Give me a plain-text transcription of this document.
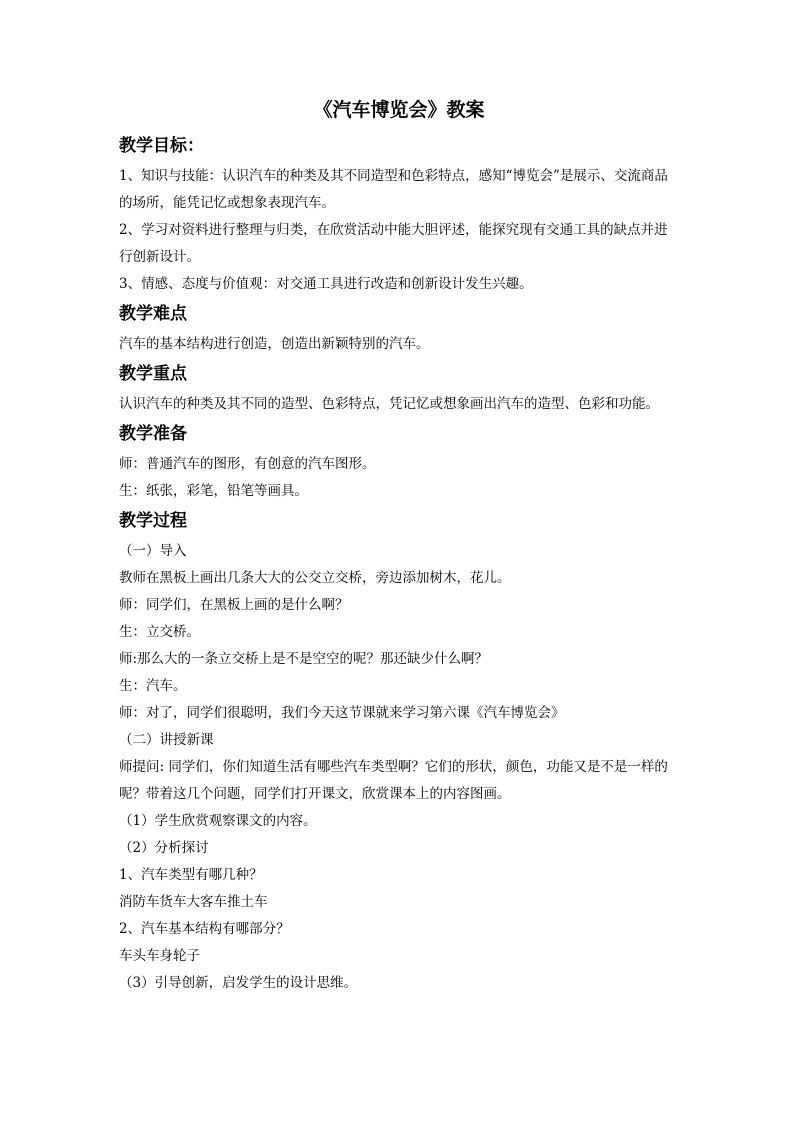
《汽车博览会》教案
教学目标：

1、知识与技能：认识汽车的种类及其不同造型和色彩特点，感知“博览会”是展示、交流商品的场所，能凭记忆或想象表现汽车。

2、学习对资料进行整理与归类，在欣赏活动中能大胆评述，能探究现有交通工具的缺点并进行创新设计。

3、情感、态度与价值观：对交通工具进行改造和创新设计发生兴趣。

教学难点

汽车的基本结构进行创造，创造出新颖特别的汽车。

教学重点

认识汽车的种类及其不同的造型、色彩特点，凭记忆或想象画出汽车的造型、色彩和功能。

教学准备

师：普通汽车的图形，有创意的汽车图形。

生：纸张，彩笔，铅笔等画具。

教学过程

（一）导入

教师在黑板上画出几条大大的公交立交桥，旁边添加树木，花儿。

师：同学们，在黑板上画的是什么啊？

生：立交桥。

师:那么大的一条立交桥上是不是空空的呢？那还缺少什么啊？

生：汽车。

师：对了，同学们很聪明，我们今天这节课就来学习第六课《汽车博览会》

（二）讲授新课

师提问: 同学们，你们知道生活有哪些汽车类型啊？它们的形状，颜色，功能又是不是一样的呢？带着这几个问题，同学们打开课文，欣赏课本上的内容图画。

（1）学生欣赏观察课文的内容。

（2）分析探讨

1、汽车类型有哪几种？

消防车货车大客车推土车

2、汽车基本结构有哪部分？

车头车身轮子

（3）引导创新，启发学生的设计思维。
